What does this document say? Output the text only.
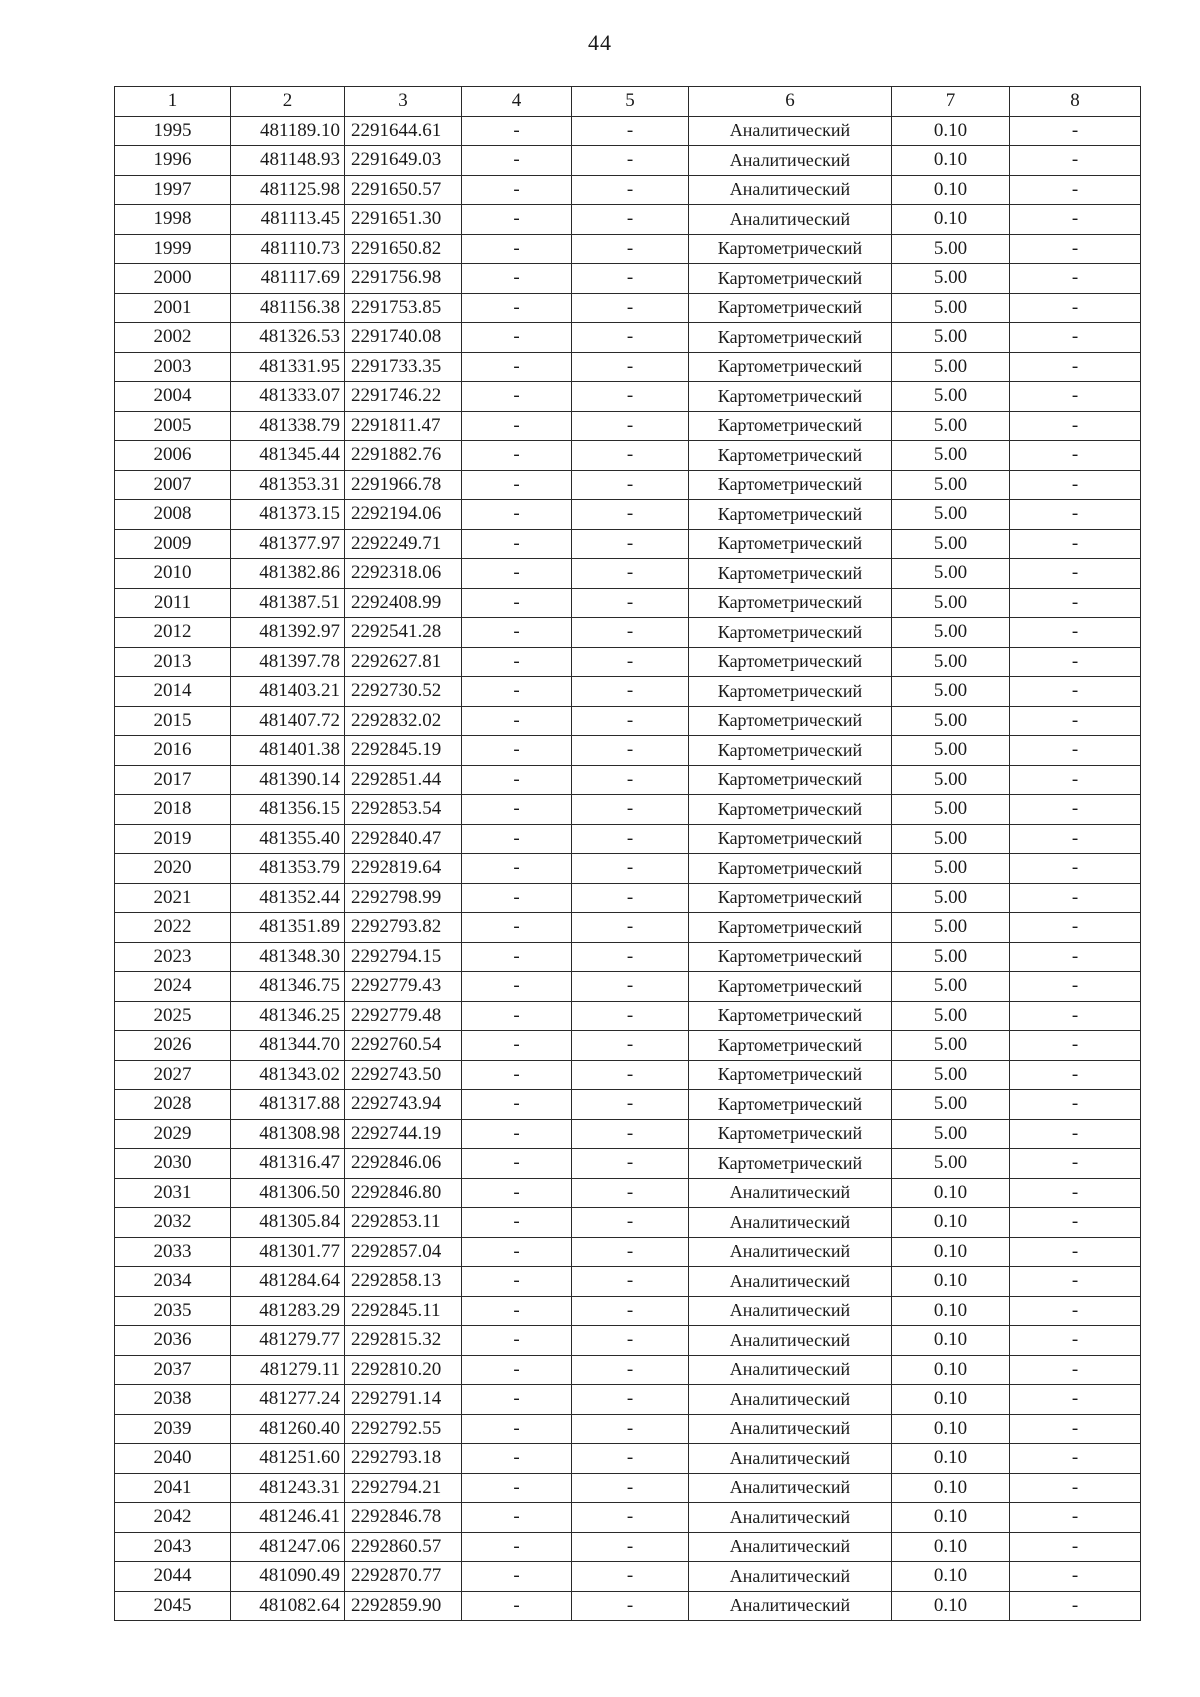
44
1	2	3	4	5	6	7	8
1995	481189.10	2291644.61	-	-	Аналитический	0.10	-
1996	481148.93	2291649.03	-	-	Аналитический	0.10	-
1997	481125.98	2291650.57	-	-	Аналитический	0.10	-
1998	481113.45	2291651.30	-	-	Аналитический	0.10	-
1999	481110.73	2291650.82	-	-	Картометрический	5.00	-
2000	481117.69	2291756.98	-	-	Картометрический	5.00	-
2001	481156.38	2291753.85	-	-	Картометрический	5.00	-
2002	481326.53	2291740.08	-	-	Картометрический	5.00	-
2003	481331.95	2291733.35	-	-	Картометрический	5.00	-
2004	481333.07	2291746.22	-	-	Картометрический	5.00	-
2005	481338.79	2291811.47	-	-	Картометрический	5.00	-
2006	481345.44	2291882.76	-	-	Картометрический	5.00	-
2007	481353.31	2291966.78	-	-	Картометрический	5.00	-
2008	481373.15	2292194.06	-	-	Картометрический	5.00	-
2009	481377.97	2292249.71	-	-	Картометрический	5.00	-
2010	481382.86	2292318.06	-	-	Картометрический	5.00	-
2011	481387.51	2292408.99	-	-	Картометрический	5.00	-
2012	481392.97	2292541.28	-	-	Картометрический	5.00	-
2013	481397.78	2292627.81	-	-	Картометрический	5.00	-
2014	481403.21	2292730.52	-	-	Картометрический	5.00	-
2015	481407.72	2292832.02	-	-	Картометрический	5.00	-
2016	481401.38	2292845.19	-	-	Картометрический	5.00	-
2017	481390.14	2292851.44	-	-	Картометрический	5.00	-
2018	481356.15	2292853.54	-	-	Картометрический	5.00	-
2019	481355.40	2292840.47	-	-	Картометрический	5.00	-
2020	481353.79	2292819.64	-	-	Картометрический	5.00	-
2021	481352.44	2292798.99	-	-	Картометрический	5.00	-
2022	481351.89	2292793.82	-	-	Картометрический	5.00	-
2023	481348.30	2292794.15	-	-	Картометрический	5.00	-
2024	481346.75	2292779.43	-	-	Картометрический	5.00	-
2025	481346.25	2292779.48	-	-	Картометрический	5.00	-
2026	481344.70	2292760.54	-	-	Картометрический	5.00	-
2027	481343.02	2292743.50	-	-	Картометрический	5.00	-
2028	481317.88	2292743.94	-	-	Картометрический	5.00	-
2029	481308.98	2292744.19	-	-	Картометрический	5.00	-
2030	481316.47	2292846.06	-	-	Картометрический	5.00	-
2031	481306.50	2292846.80	-	-	Аналитический	0.10	-
2032	481305.84	2292853.11	-	-	Аналитический	0.10	-
2033	481301.77	2292857.04	-	-	Аналитический	0.10	-
2034	481284.64	2292858.13	-	-	Аналитический	0.10	-
2035	481283.29	2292845.11	-	-	Аналитический	0.10	-
2036	481279.77	2292815.32	-	-	Аналитический	0.10	-
2037	481279.11	2292810.20	-	-	Аналитический	0.10	-
2038	481277.24	2292791.14	-	-	Аналитический	0.10	-
2039	481260.40	2292792.55	-	-	Аналитический	0.10	-
2040	481251.60	2292793.18	-	-	Аналитический	0.10	-
2041	481243.31	2292794.21	-	-	Аналитический	0.10	-
2042	481246.41	2292846.78	-	-	Аналитический	0.10	-
2043	481247.06	2292860.57	-	-	Аналитический	0.10	-
2044	481090.49	2292870.77	-	-	Аналитический	0.10	-
2045	481082.64	2292859.90	-	-	Аналитический	0.10	-
